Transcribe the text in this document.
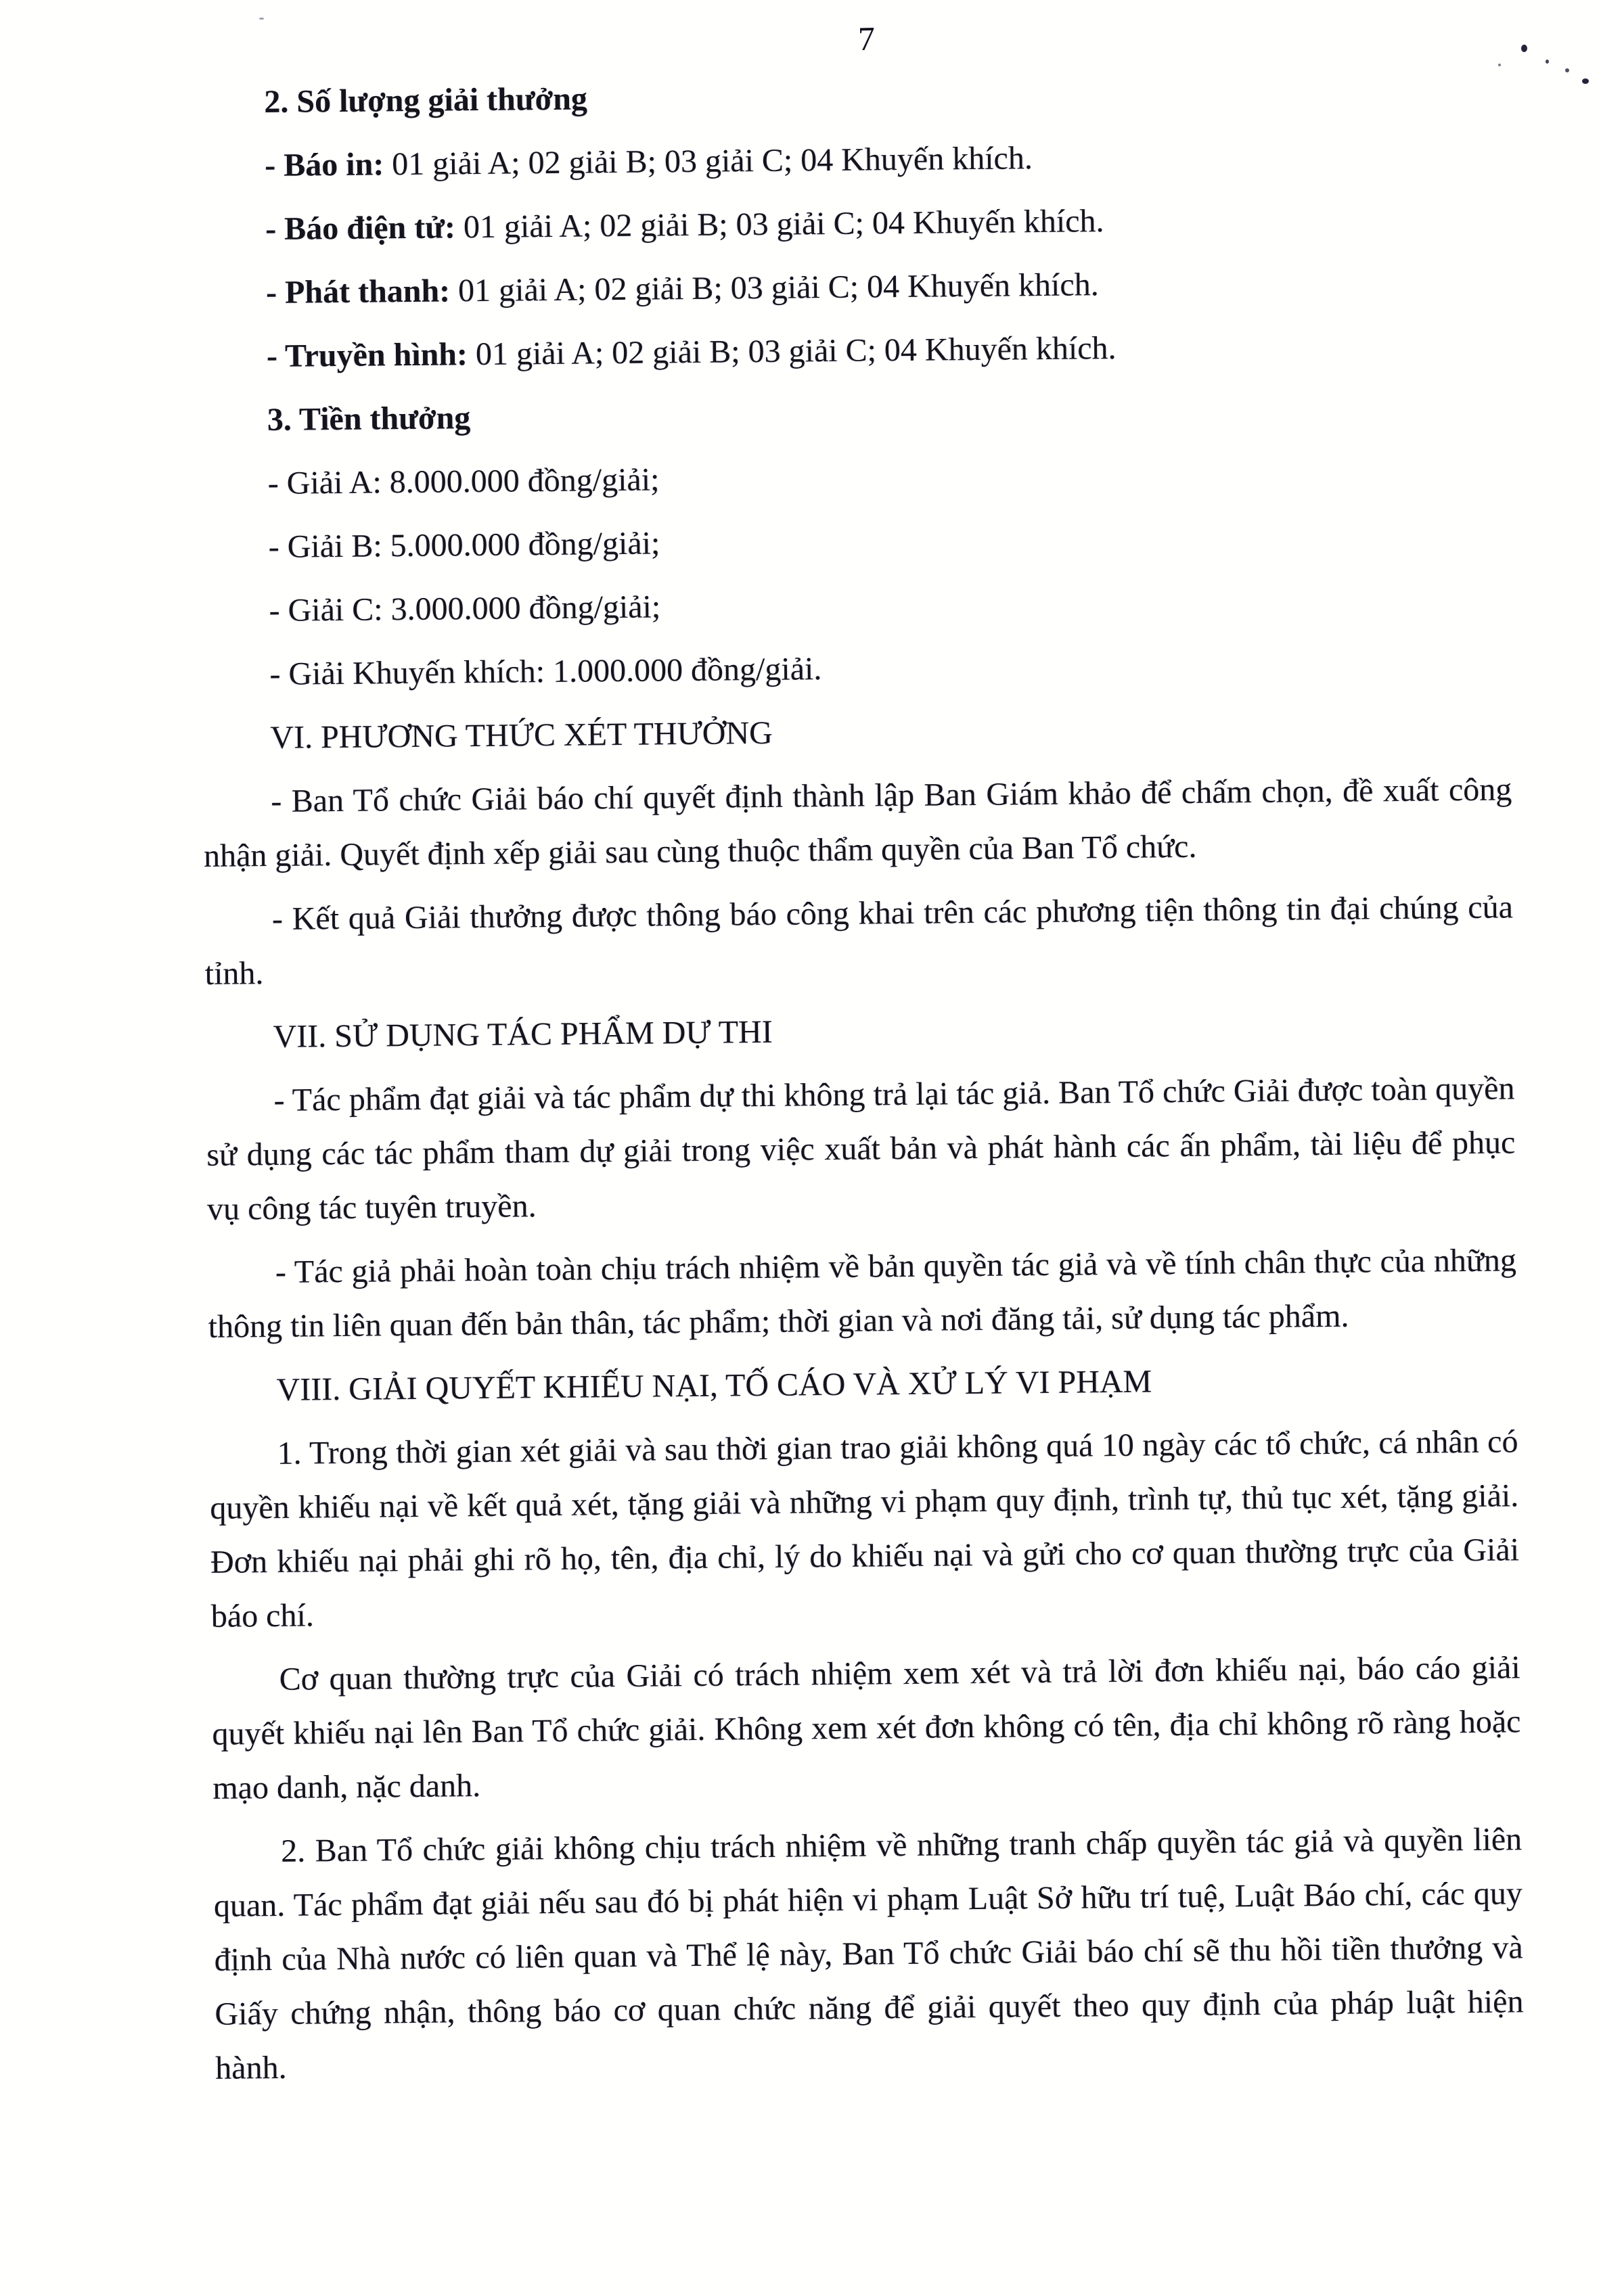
7

2. Số lượng giải thưởng

- Báo in: 01 giải A; 02 giải B; 03 giải C; 04 Khuyến khích.

- Báo điện tử: 01 giải A; 02 giải B; 03 giải C; 04 Khuyến khích.

- Phát thanh: 01 giải A; 02 giải B; 03 giải C; 04 Khuyến khích.

- Truyền hình: 01 giải A; 02 giải B; 03 giải C; 04 Khuyến khích.

3. Tiền thưởng

- Giải A: 8.000.000 đồng/giải;

- Giải B: 5.000.000 đồng/giải;

- Giải C: 3.000.000 đồng/giải;

- Giải Khuyến khích: 1.000.000 đồng/giải.

VI. PHƯƠNG THỨC XÉT THƯỞNG

- Ban Tổ chức Giải báo chí quyết định thành lập Ban Giám khảo để chấm chọn, đề xuất công nhận giải. Quyết định xếp giải sau cùng thuộc thẩm quyền của Ban Tổ chức.

- Kết quả Giải thưởng được thông báo công khai trên các phương tiện thông tin đại chúng của tỉnh.

VII. SỬ DỤNG TÁC PHẨM DỰ THI

- Tác phẩm đạt giải và tác phẩm dự thi không trả lại tác giả. Ban Tổ chức Giải được toàn quyền sử dụng các tác phẩm tham dự giải trong việc xuất bản và phát hành các ấn phẩm, tài liệu để phục vụ công tác tuyên truyền.

- Tác giả phải hoàn toàn chịu trách nhiệm về bản quyền tác giả và về tính chân thực của những thông tin liên quan đến bản thân, tác phẩm; thời gian và nơi đăng tải, sử dụng tác phẩm.

VIII. GIẢI QUYẾT KHIẾU NẠI, TỐ CÁO VÀ XỬ LÝ VI PHẠM

1. Trong thời gian xét giải và sau thời gian trao giải không quá 10 ngày các tổ chức, cá nhân có quyền khiếu nại về kết quả xét, tặng giải và những vi phạm quy định, trình tự, thủ tục xét, tặng giải. Đơn khiếu nại phải ghi rõ họ, tên, địa chỉ, lý do khiếu nại và gửi cho cơ quan thường trực của Giải báo chí.

Cơ quan thường trực của Giải có trách nhiệm xem xét và trả lời đơn khiếu nại, báo cáo giải quyết khiếu nại lên Ban Tổ chức giải. Không xem xét đơn không có tên, địa chỉ không rõ ràng hoặc mạo danh, nặc danh.

2. Ban Tổ chức giải không chịu trách nhiệm về những tranh chấp quyền tác giả và quyền liên quan. Tác phẩm đạt giải nếu sau đó bị phát hiện vi phạm Luật Sở hữu trí tuệ, Luật Báo chí, các quy định của Nhà nước có liên quan và Thể lệ này, Ban Tổ chức Giải báo chí sẽ thu hồi tiền thưởng và Giấy chứng nhận, thông báo cơ quan chức năng để giải quyết theo quy định của pháp luật hiện hành.
